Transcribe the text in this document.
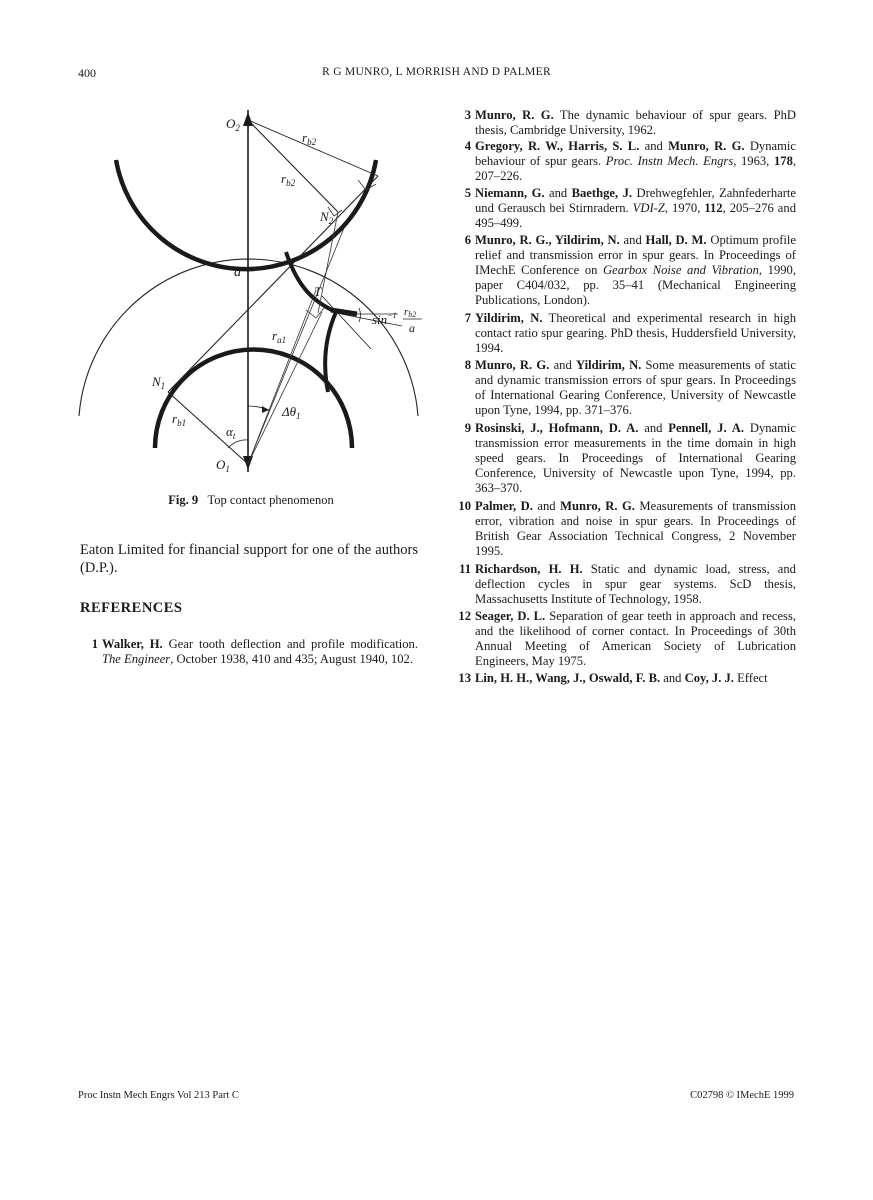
400	R G MUNRO, L MORRISH AND D PALMER
$O_2$
$r_{b2}$
$r_{b2}$
$N_2$
a
T
$r_{a1}$
$\sin^{-1} rb2$
a
$N_1$
$r_{b1}$
$\Delta\theta_1$
$\alpha_t$
$O_1$
Fig. 9 Top contact phenomenon
Eaton Limited for financial support for one of the authors (D.P.).
REFERENCES
1 Walker, H. Gear tooth deflection and profile modification. The Engineer, October 1938, 410 and 435; August 1940, 102.
3 Munro, R. G. The dynamic behaviour of spur gears. PhD thesis, Cambridge University, 1962.
4 Gregory, R. W., Harris, S. L. and Munro, R. G. Dynamic behaviour of spur gears. Proc. Instn Mech. Engrs, 1963, 178, 207–226.
5 Niemann, G. and Baethge, J. Drehwegfehler, Zahnfederharte und Gerausch bei Stirnradern. VDI-Z, 1970, 112, 205–276 and 495–499.
6 Munro, R. G., Yildirim, N. and Hall, D. M. Optimum profile relief and transmission error in spur gears. In Proceedings of IMechE Conference on Gearbox Noise and Vibration, 1990, paper C404/032, pp. 35–41 (Mechanical Engineering Publications, London).
7 Yildirim, N. Theoretical and experimental research in high contact ratio spur gearing. PhD thesis, Huddersfield University, 1994.
8 Munro, R. G. and Yildirim, N. Some measurements of static and dynamic transmission errors of spur gears. In Proceedings of International Gearing Conference, University of Newcastle upon Tyne, 1994, pp. 371–376.
9 Rosinski, J., Hofmann, D. A. and Pennell, J. A. Dynamic transmission error measurements in the time domain in high speed gears. In Proceedings of International Gearing Conference, University of Newcastle upon Tyne, 1994, pp. 363–370.
10 Palmer, D. and Munro, R. G. Measurements of transmission error, vibration and noise in spur gears. In Proceedings of British Gear Association Technical Congress, 2 November 1995.
11 Richardson, H. H. Static and dynamic load, stress, and deflection cycles in spur gear systems. ScD thesis, Massachusetts Institute of Technology, 1958.
12 Seager, D. L. Separation of gear teeth in approach and recess, and the likelihood of corner contact. In Proceedings of 30th Annual Meeting of American Society of Lubrication Engineers, May 1975.
13 Lin, H. H., Wang, J., Oswald, F. B. and Coy, J. J. Effect
Proc Instn Mech Engrs Vol 213 Part C	C02798 © IMechE 1999
